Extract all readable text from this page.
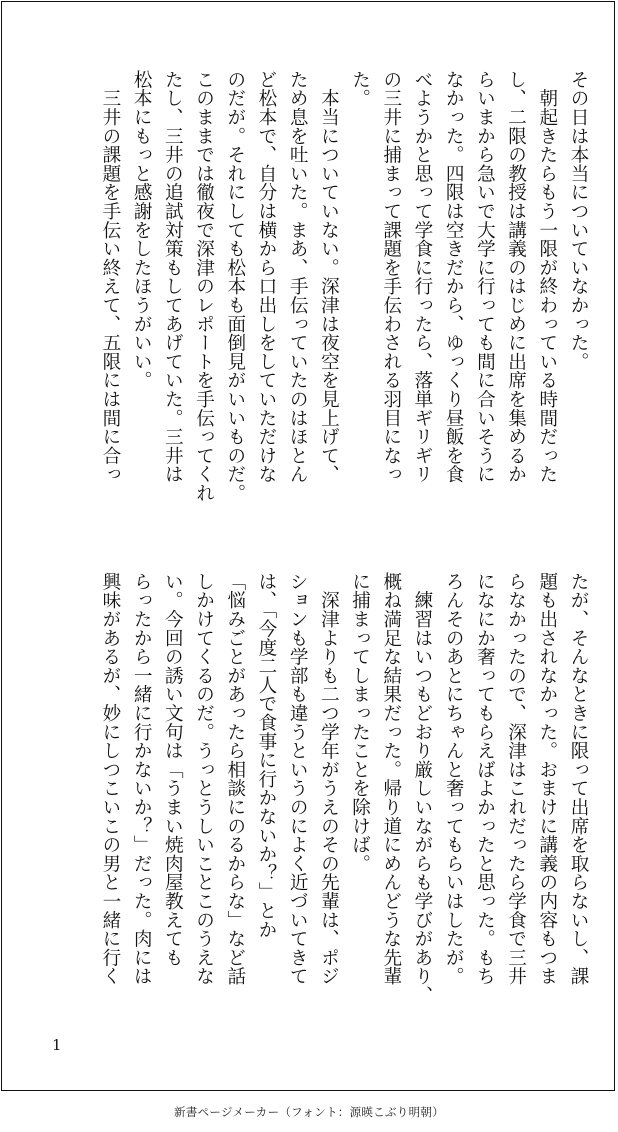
その日は本当についていなかった。
　朝起きたらもう一限が終わっている時間だった
し、二限の教授は講義のはじめに出席を集めるか
らいまから急いで大学に行っても間に合いそうに
なかった。四限は空きだから、ゆっくり昼飯を食
べようかと思って学食に行ったら、落単ギリギリ
の三井に捕まって課題を手伝わされる羽目になっ
た。
　本当についていない。深津は夜空を見上げて、
ため息を吐いた。まあ、手伝っていたのはほとん
ど松本で、自分は横から口出しをしていただけな
のだが。それにしても松本も面倒見がいいものだ。
このままでは徹夜で深津のレポートを手伝ってくれ
たし、三井の追試対策もしてあげていた。三井は
松本にもっと感謝をしたほうがいい。
　三井の課題を手伝い終えて、五限には間に合っ
たが、そんなときに限って出席を取らないし、課
題も出されなかった。おまけに講義の内容もつま
らなかったので、深津はこれだったら学食で三井
になにか奢ってもらえばよかったと思った。もち
ろんそのあとにちゃんと奢ってもらいはしたが。
　練習はいつもどおり厳しいながらも学びがあり、
概ね満足な結果だった。帰り道にめんどうな先輩
に捕まってしまったことを除けば。
　深津よりも二つ学年がうえのその先輩は、ポジ
ションも学部も違うというのによく近づいてきて
は、「今度二人で食事に行かないか？」とか
「悩みごとがあったら相談にのるからな」など話
しかけてくるのだ。うっとうしいことこのうえな
い。今回の誘い文句は「うまい焼肉屋教えても
らったから一緒に行かないか？」だった。肉には
興味があるが、妙にしつこいこの男と一緒に行く
1
新書ページメーカー（フォント：源暎こぶり明朝）
